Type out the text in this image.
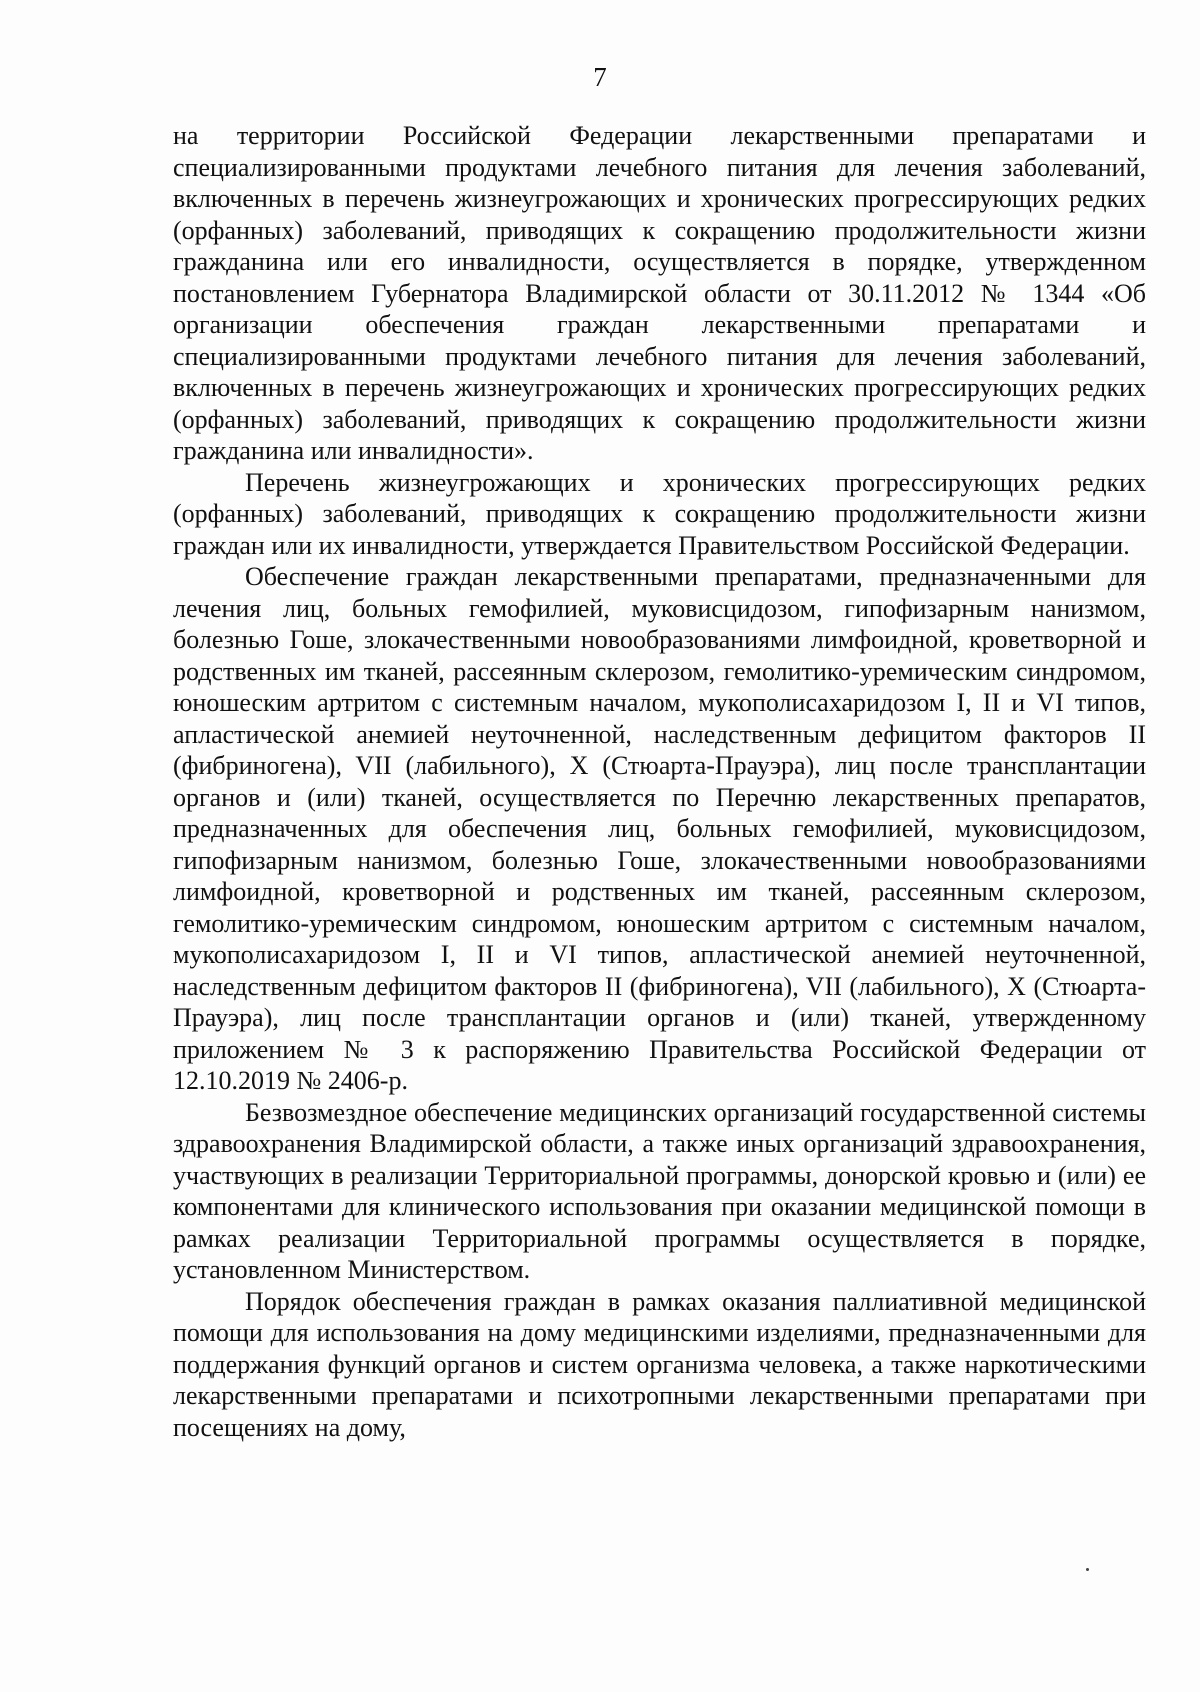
7

на территории Российской Федерации лекарственными препаратами и специализированными продуктами лечебного питания для лечения заболеваний, включенных в перечень жизнеугрожающих и хронических прогрессирующих редких (орфанных) заболеваний, приводящих к сокращению продолжительности жизни гражданина или его инвалидности, осуществляется в порядке, утвержденном постановлением Губернатора Владимирской области от 30.11.2012 № 1344 «Об организации обеспечения граждан лекарственными препаратами и специализированными продуктами лечебного питания для лечения заболеваний, включенных в перечень жизнеугрожающих и хронических прогрессирующих редких (орфанных) заболеваний, приводящих к сокращению продолжительности жизни гражданина или инвалидности».

Перечень жизнеугрожающих и хронических прогрессирующих редких (орфанных) заболеваний, приводящих к сокращению продолжительности жизни граждан или их инвалидности, утверждается Правительством Российской Федерации.

Обеспечение граждан лекарственными препаратами, предназначенными для лечения лиц, больных гемофилией, муковисцидозом, гипофизарным нанизмом, болезнью Гоше, злокачественными новообразованиями лимфоидной, кроветворной и родственных им тканей, рассеянным склерозом, гемолитико-уремическим синдромом, юношеским артритом с системным началом, мукополисахаридозом I, II и VI типов, апластической анемией неуточненной, наследственным дефицитом факторов II (фибриногена), VII (лабильного), X (Стюарта-Прауэра), лиц после трансплантации органов и (или) тканей, осуществляется по Перечню лекарственных препаратов, предназначенных для обеспечения лиц, больных гемофилией, муковисцидозом, гипофизарным нанизмом, болезнью Гоше, злокачественными новообразованиями лимфоидной, кроветворной и родственных им тканей, рассеянным склерозом, гемолитико-уремическим синдромом, юношеским артритом с системным началом, мукополисахаридозом I, II и VI типов, апластической анемией неуточненной, наследственным дефицитом факторов II (фибриногена), VII (лабильного), X (Стюарта-Прауэра), лиц после трансплантации органов и (или) тканей, утвержденному приложением № 3 к распоряжению Правительства Российской Федерации от 12.10.2019 № 2406-р.

Безвозмездное обеспечение медицинских организаций государственной системы здравоохранения Владимирской области, а также иных организаций здравоохранения, участвующих в реализации Территориальной программы, донорской кровью и (или) ее компонентами для клинического использования при оказании медицинской помощи в рамках реализации Территориальной программы осуществляется в порядке, установленном Министерством.

Порядок обеспечения граждан в рамках оказания паллиативной медицинской помощи для использования на дому медицинскими изделиями, предназначенными для поддержания функций органов и систем организма человека, а также наркотическими лекарственными препаратами и психотропными лекарственными препаратами при посещениях на дому,
